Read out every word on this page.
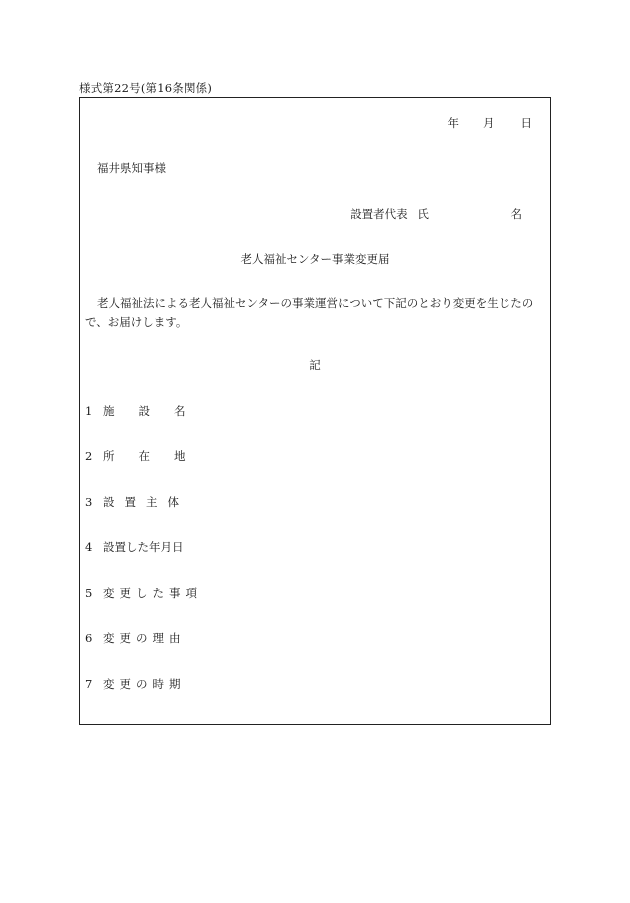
様式第22号(第16条関係)
年 月 日
福井県知事様
設置者代表 氏	名
老人福祉センター事業変更届
老人福祉法による老人福祉センターの事業運営について下記のとおり変更を生じたの
で、お届けします。
記
1 施設名
2 所在地
3 設置主体
4 設置した年月日
5 変更した事項
6 変更の理由
7 変更の時期
